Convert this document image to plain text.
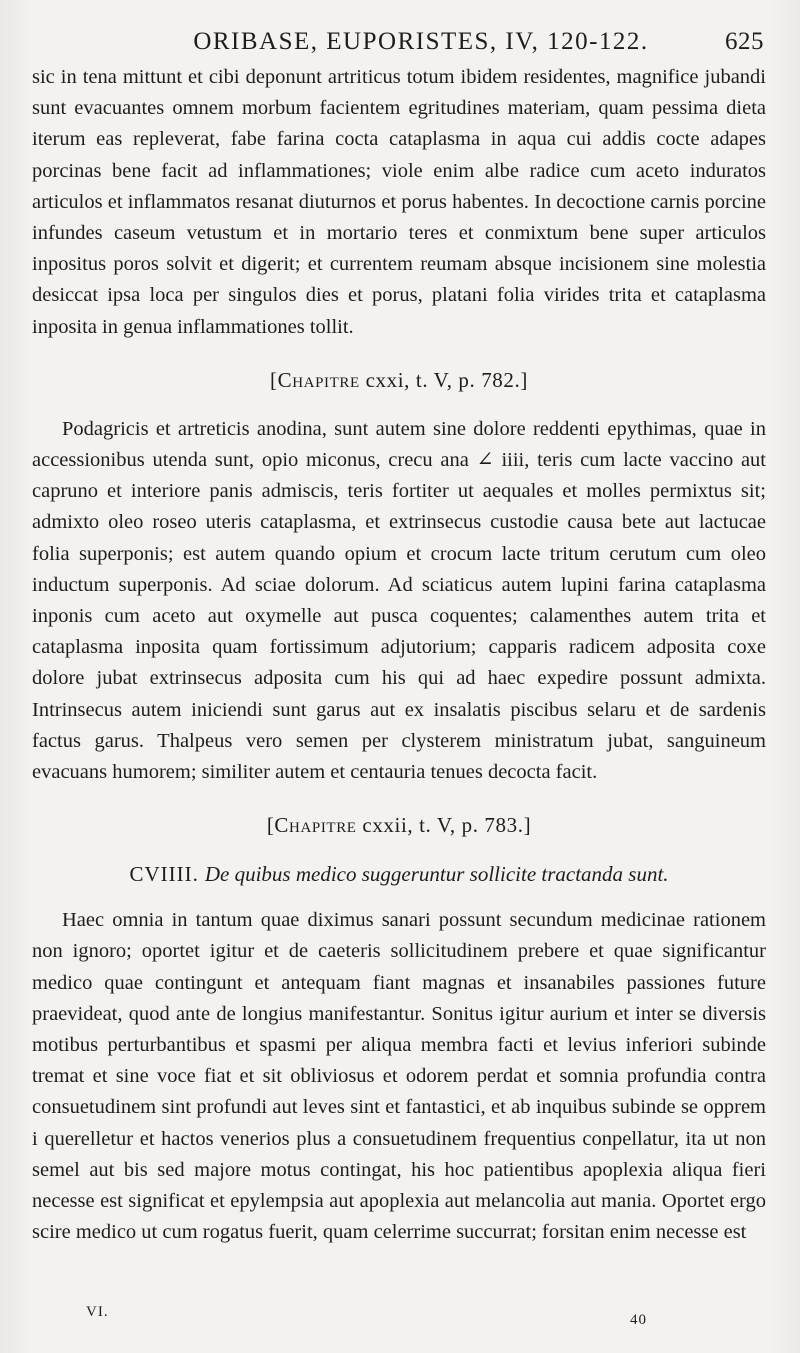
ORIBASE, EUPORISTES, IV, 120-122.	625

sic in tena mittunt et cibi deponunt artriticus totum ibidem residentes, magnifice jubandi sunt evacuantes omnem morbum facientem egritudines materiam, quam pessima dieta iterum eas repleverat, fabe farina cocta cataplasma in aqua cui addis cocte adapes porcinas bene facit ad inflammationes; viole enim albe radice cum aceto induratos articulos et inflammatos resanat diuturnos et porus habentes. In decoctione carnis porcine infundes caseum vetustum et in mortario teres et conmixtum bene super articulos inpositus poros solvit et digerit; et currentem reumam absque incisionem sine molestia desiccat ipsa loca per singulos dies et porus, platani folia virides trita et cataplasma inposita in genua inflammationes tollit.

[Chapitre cxxi, t. V, p. 782.]

Podagricis et artreticis anodina, sunt autem sine dolore reddenti epythimas, quae in accessionibus utenda sunt, opio miconus, crecu ana ∠ iiii, teris cum lacte vaccino aut capruno et interiore panis admiscis, teris fortiter ut aequales et molles permixtus sit; admixto oleo roseo uteris cataplasma, et extrinsecus custodie causa bete aut lactucae folia superponis; est autem quando opium et crocum lacte tritum cerutum cum oleo inductum superponis. Ad sciae dolorum. Ad sciaticus autem lupini farina cataplasma inponis cum aceto aut oxymelle aut pusca coquentes; calamenthes autem trita et cataplasma inposita quam fortissimum adjutorium; capparis radicem adposita coxe dolore jubat extrinsecus adposita cum his qui ad haec expedire possunt admixta. Intrinsecus autem iniciendi sunt garus aut ex insalatis piscibus selaru et de sardenis factus garus. Thalpeus vero semen per clysterem ministratum jubat, sanguineum evacuans humorem; similiter autem et centauria tenues decocta facit.

[Chapitre cxxii, t. V, p. 783.]
CVIIII. De quibus medico suggeruntur sollicite tractanda sunt.

Haec omnia in tantum quae diximus sanari possunt secundum medicinae rationem non ignoro; oportet igitur et de caeteris sollicitudinem prebere et quae significantur medico quae contingunt et antequam fiant magnas et insanabiles passiones future praevideat, quod ante de longius manifestantur. Sonitus igitur aurium et inter se diversis motibus perturbantibus et spasmi per aliqua membra facti et levius inferiori subinde tremat et sine voce fiat et sit obliviosus et odorem perdat et somnia profundia contra consuetudinem sint profundi aut leves sint et fantastici, et ab inquibus subinde se opprem i querelletur et hactos venerios plus a consuetudinem frequentius conpellatur, ita ut non semel aut bis sed majore motus contingat, his hoc patientibus apoplexia aliqua fieri necesse est significat et epylempsia aut apoplexia aut melancolia aut mania. Oportet ergo scire medico ut cum rogatus fuerit, quam celerrime succurrat; forsitan enim necesse est

VI.	40
